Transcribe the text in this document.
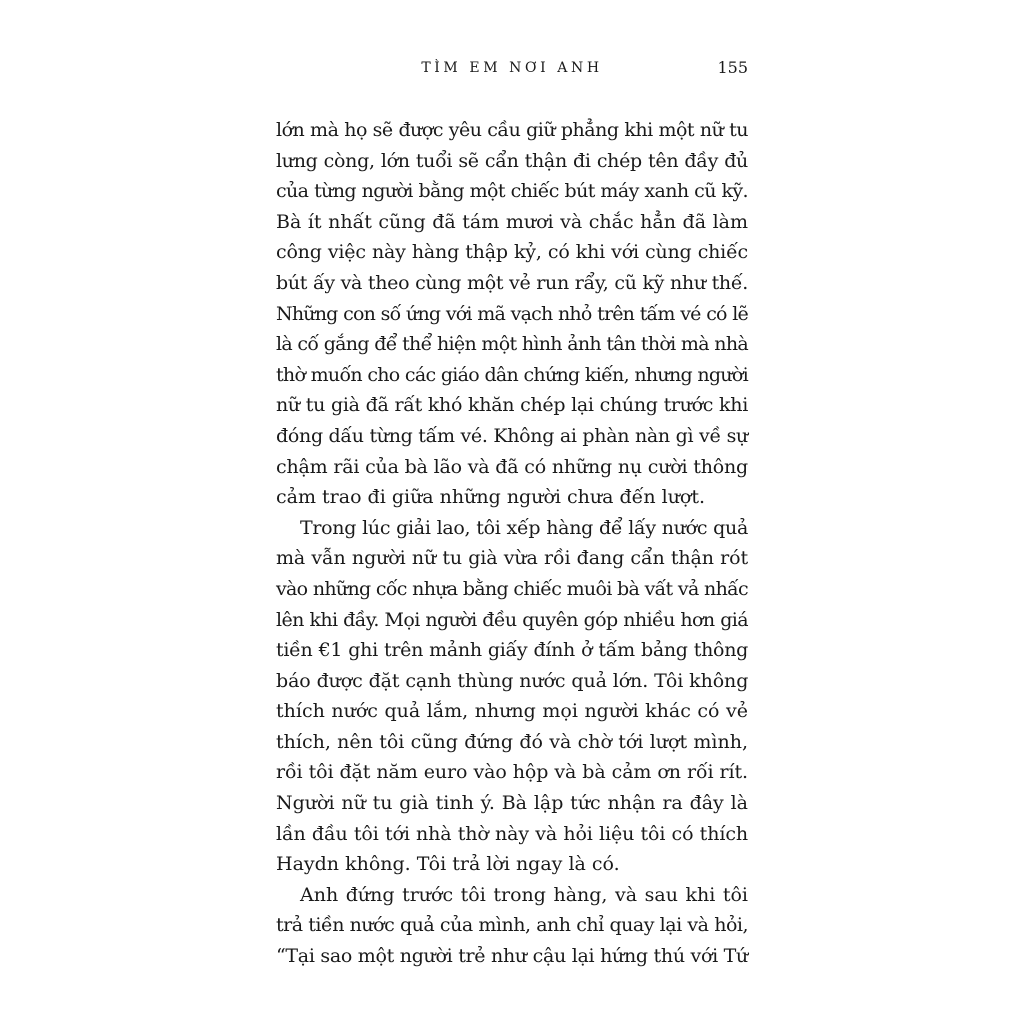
TÌM EM NƠI ANH	155
lớn mà họ sẽ được yêu cầu giữ phẳng khi một nữ tu
lưng còng, lớn tuổi sẽ cẩn thận đi chép tên đầy đủ
của từng người bằng một chiếc bút máy xanh cũ kỹ.
Bà ít nhất cũng đã tám mươi và chắc hẳn đã làm
công việc này hàng thập kỷ, có khi với cùng chiếc
bút ấy và theo cùng một vẻ run rẩy, cũ kỹ như thế.
Những con số ứng với mã vạch nhỏ trên tấm vé có lẽ
là cố gắng để thể hiện một hình ảnh tân thời mà nhà
thờ muốn cho các giáo dân chứng kiến, nhưng người
nữ tu già đã rất khó khăn chép lại chúng trước khi
đóng dấu từng tấm vé. Không ai phàn nàn gì về sự
chậm rãi của bà lão và đã có những nụ cười thông
cảm trao đi giữa những người chưa đến lượt.
Trong lúc giải lao, tôi xếp hàng để lấy nước quả
mà vẫn người nữ tu già vừa rồi đang cẩn thận rót
vào những cốc nhựa bằng chiếc muôi bà vất vả nhấc
lên khi đầy. Mọi người đều quyên góp nhiều hơn giá
tiền €1 ghi trên mảnh giấy đính ở tấm bảng thông
báo được đặt cạnh thùng nước quả lớn. Tôi không
thích nước quả lắm, nhưng mọi người khác có vẻ
thích, nên tôi cũng đứng đó và chờ tới lượt mình,
rồi tôi đặt năm euro vào hộp và bà cảm ơn rối rít.
Người nữ tu già tinh ý. Bà lập tức nhận ra đây là
lần đầu tôi tới nhà thờ này và hỏi liệu tôi có thích
Haydn không. Tôi trả lời ngay là có.
Anh đứng trước tôi trong hàng, và sau khi tôi
trả tiền nước quả của mình, anh chỉ quay lại và hỏi,
“Tại sao một người trẻ như cậu lại hứng thú với Tứ
